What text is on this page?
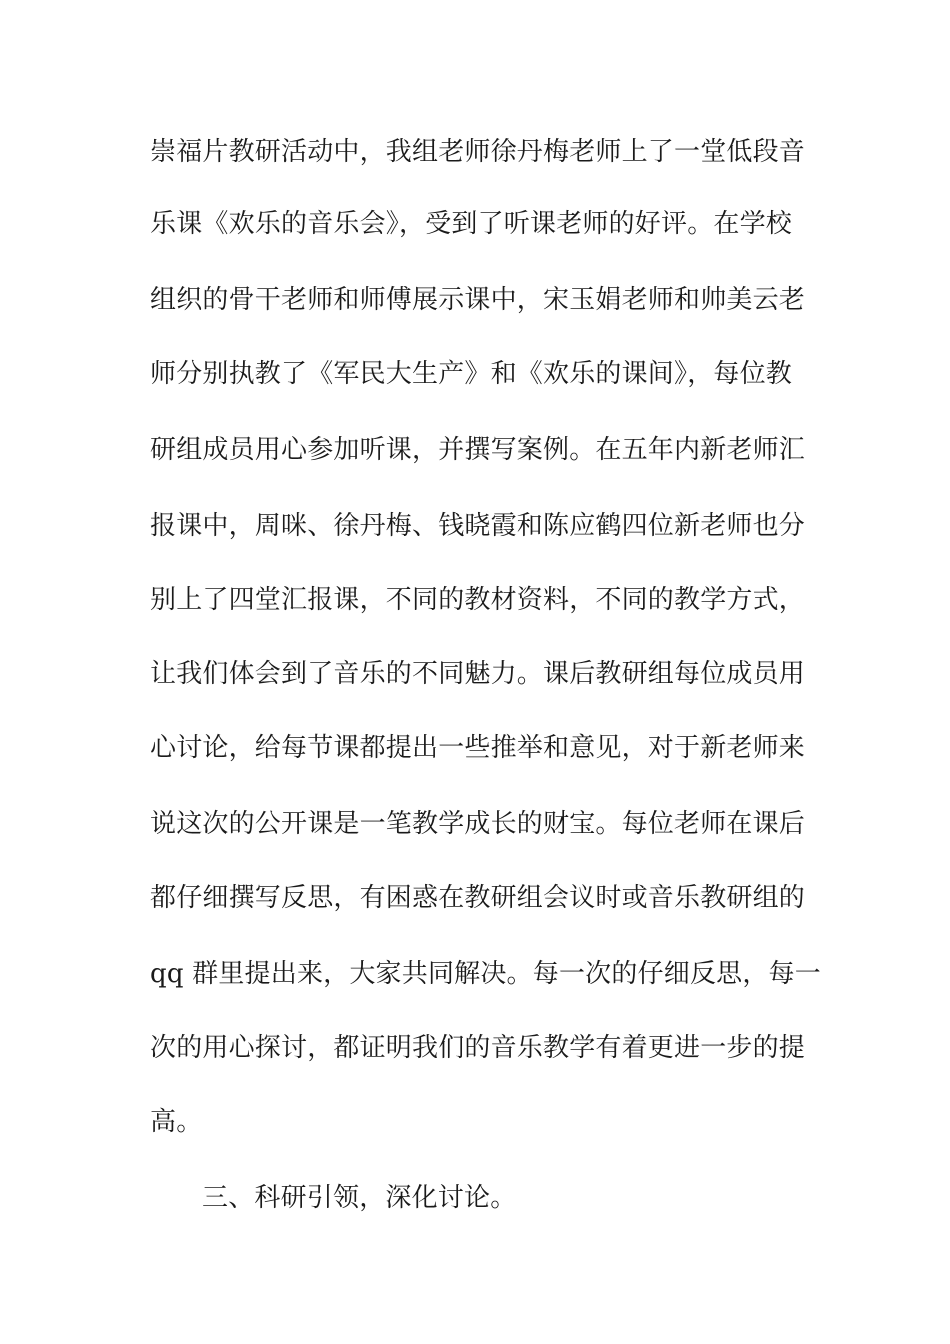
崇福片教研活动中，我组老师徐丹梅老师上了一堂低段音
乐课《欢乐的音乐会》，受到了听课老师的好评。在学校
组织的骨干老师和师傅展示课中，宋玉娟老师和帅美云老
师分别执教了《军民大生产》和《欢乐的课间》，每位教
研组成员用心参加听课，并撰写案例。在五年内新老师汇
报课中，周咪、徐丹梅、钱晓霞和陈应鹤四位新老师也分
别上了四堂汇报课，不同的教材资料，不同的教学方式，
让我们体会到了音乐的不同魅力。课后教研组每位成员用
心讨论，给每节课都提出一些推举和意见，对于新老师来
说这次的公开课是一笔教学成长的财宝。每位老师在课后
都仔细撰写反思，有困惑在教研组会议时或音乐教研组的
qq 群里提出来，大家共同解决。每一次的仔细反思，每一
次的用心探讨，都证明我们的音乐教学有着更进一步的提
高。
三、科研引领，深化讨论。
